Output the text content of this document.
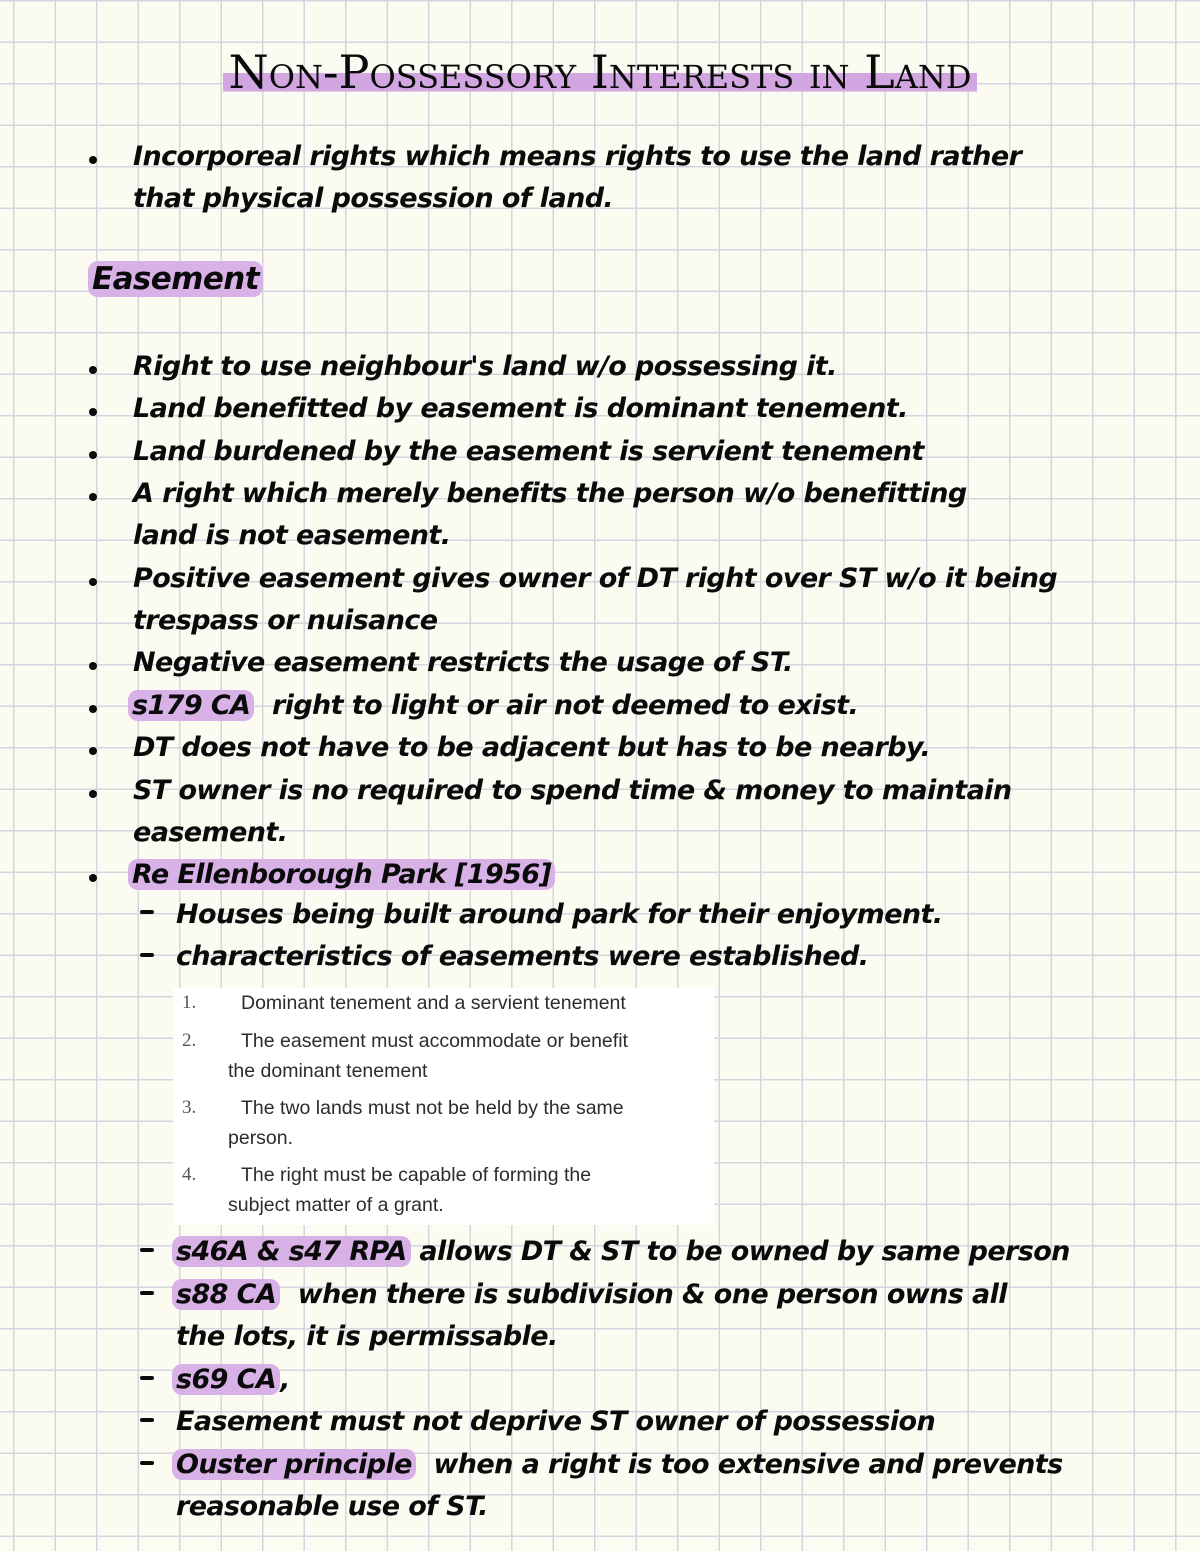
Non-Possessory Interests in Land
Incorporeal rights which means rights to use the land rather
that physical possession of land.
Easement
Right to use neighbour's land w/o possessing it.
Land benefitted by easement is dominant tenement.
Land burdened by the easement is servient tenement
A right which merely benefits the person w/o benefitting
land is not easement.
Positive easement gives owner of DT right over ST w/o it being
trespass or nuisance
Negative easement restricts the usage of ST.
s179 CA right to light or air not deemed to exist.
DT does not have to be adjacent but has to be nearby.
ST owner is no required to spend time & money to maintain
easement.
Re Ellenborough Park [1956]
Houses being built around park for their enjoyment.
characteristics of easements were established.
1. Dominant tenement and a servient tenement
2. The easement must accommodate or benefit
the dominant tenement
3. The two lands must not be held by the same
person.
4. The right must be capable of forming the
subject matter of a grant.
s46A & s47 RPA allows DT & ST to be owned by same person
s88 CA when there is subdivision & one person owns all
the lots, it is permissable.
s69 CA ,
Easement must not deprive ST owner of possession
Ouster principle when a right is too extensive and prevents
reasonable use of ST.
